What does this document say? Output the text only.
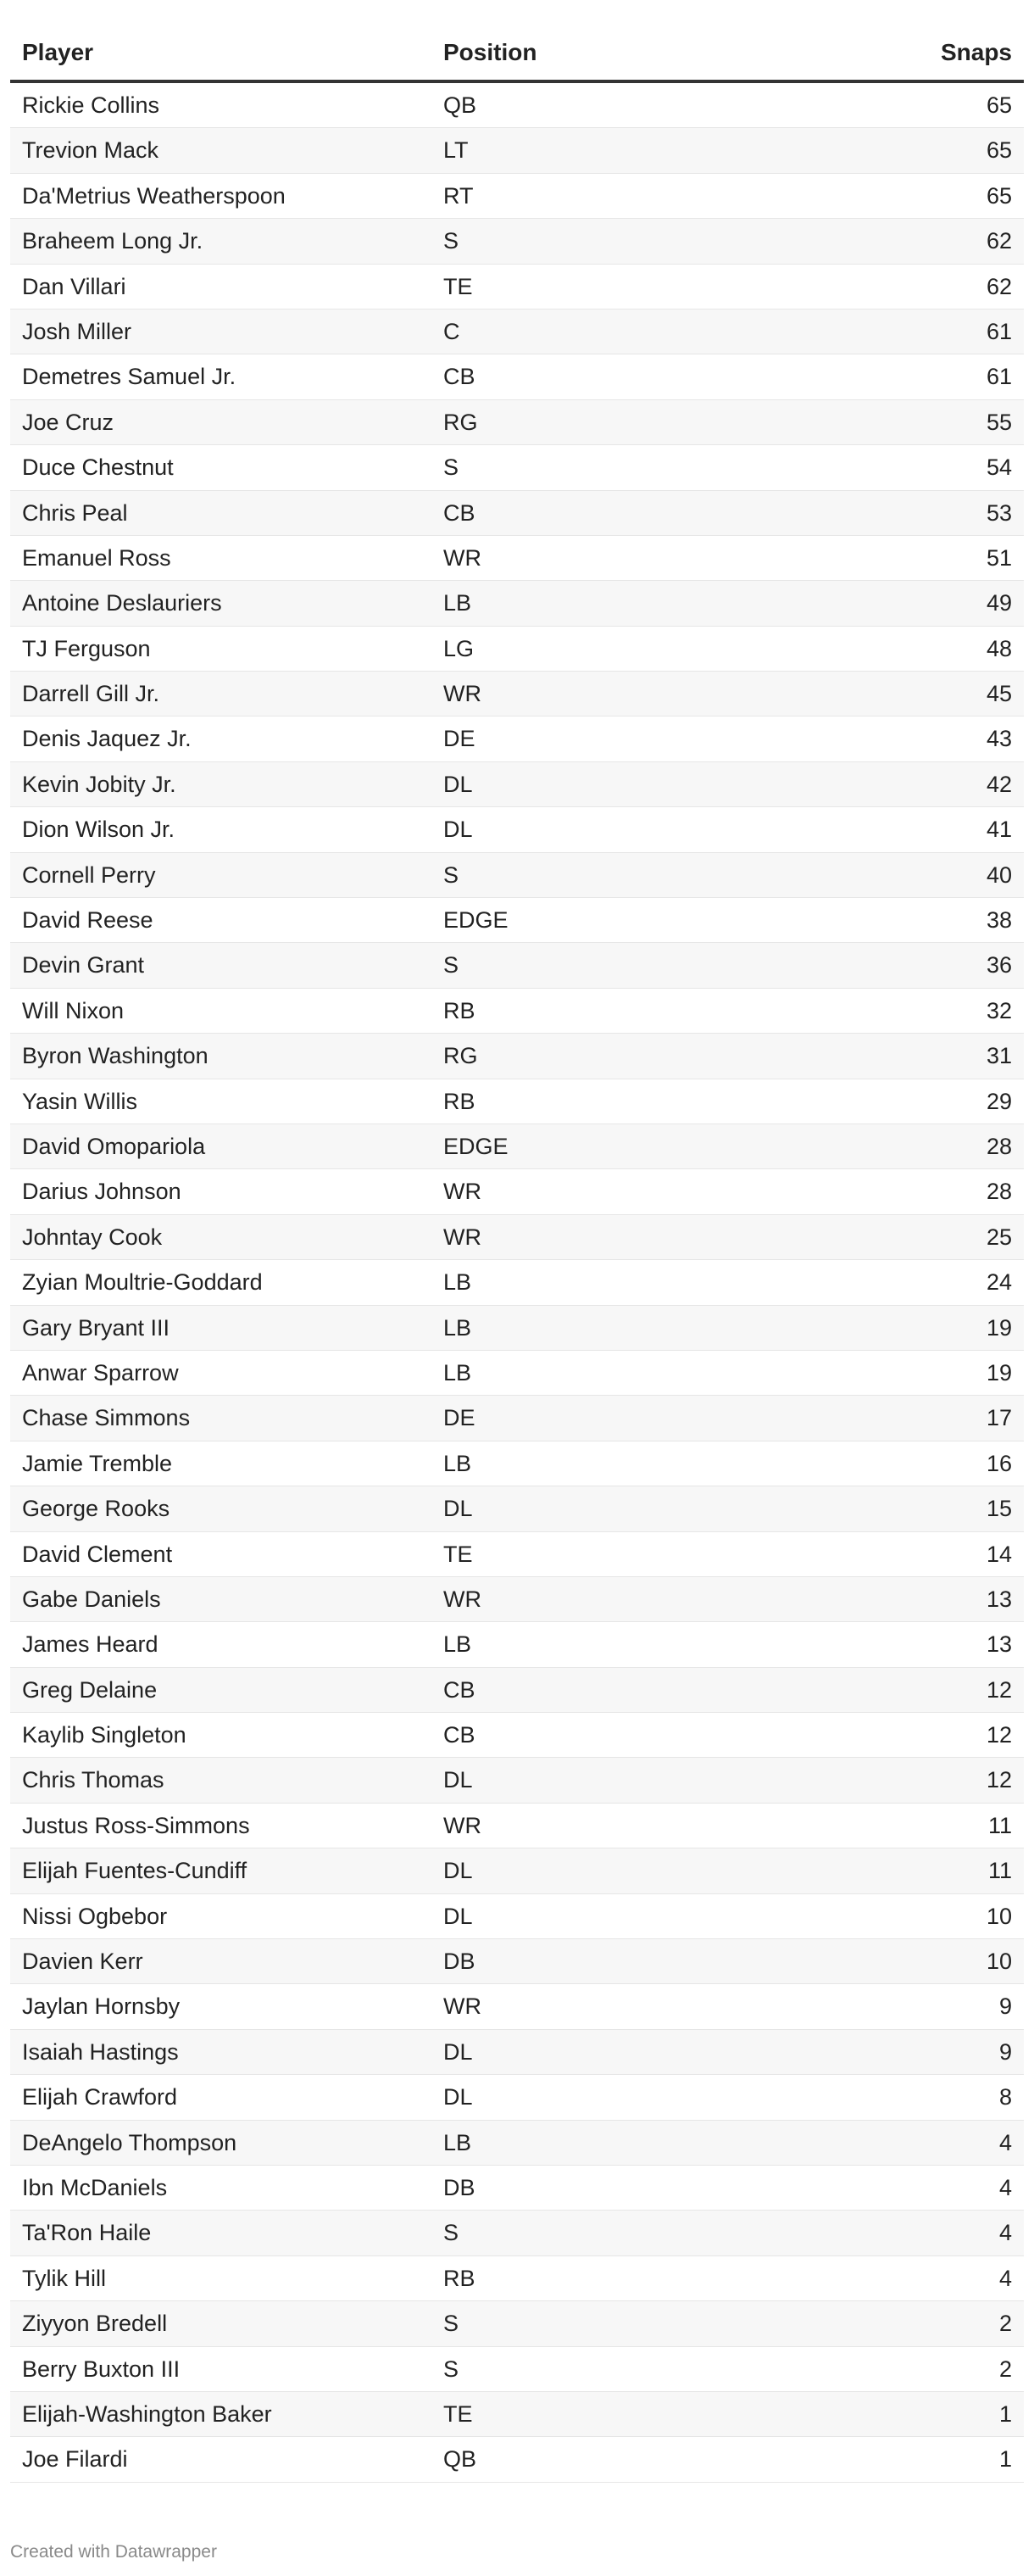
Player	Position	Snaps
Rickie Collins	QB	65
Trevion Mack	LT	65
Da'Metrius Weatherspoon	RT	65
Braheem Long Jr.	S	62
Dan Villari	TE	62
Josh Miller	C	61
Demetres Samuel Jr.	CB	61
Joe Cruz	RG	55
Duce Chestnut	S	54
Chris Peal	CB	53
Emanuel Ross	WR	51
Antoine Deslauriers	LB	49
TJ Ferguson	LG	48
Darrell Gill Jr.	WR	45
Denis Jaquez Jr.	DE	43
Kevin Jobity Jr.	DL	42
Dion Wilson Jr.	DL	41
Cornell Perry	S	40
David Reese	EDGE	38
Devin Grant	S	36
Will Nixon	RB	32
Byron Washington	RG	31
Yasin Willis	RB	29
David Omopariola	EDGE	28
Darius Johnson	WR	28
Johntay Cook	WR	25
Zyian Moultrie-Goddard	LB	24
Gary Bryant III	LB	19
Anwar Sparrow	LB	19
Chase Simmons	DE	17
Jamie Tremble	LB	16
George Rooks	DL	15
David Clement	TE	14
Gabe Daniels	WR	13
James Heard	LB	13
Greg Delaine	CB	12
Kaylib Singleton	CB	12
Chris Thomas	DL	12
Justus Ross-Simmons	WR	11
Elijah Fuentes-Cundiff	DL	11
Nissi Ogbebor	DL	10
Davien Kerr	DB	10
Jaylan Hornsby	WR	9
Isaiah Hastings	DL	9
Elijah Crawford	DL	8
DeAngelo Thompson	LB	4
Ibn McDaniels	DB	4
Ta'Ron Haile	S	4
Tylik Hill	RB	4
Ziyyon Bredell	S	2
Berry Buxton III	S	2
Elijah-Washington Baker	TE	1
Joe Filardi	QB	1
Created with Datawrapper
